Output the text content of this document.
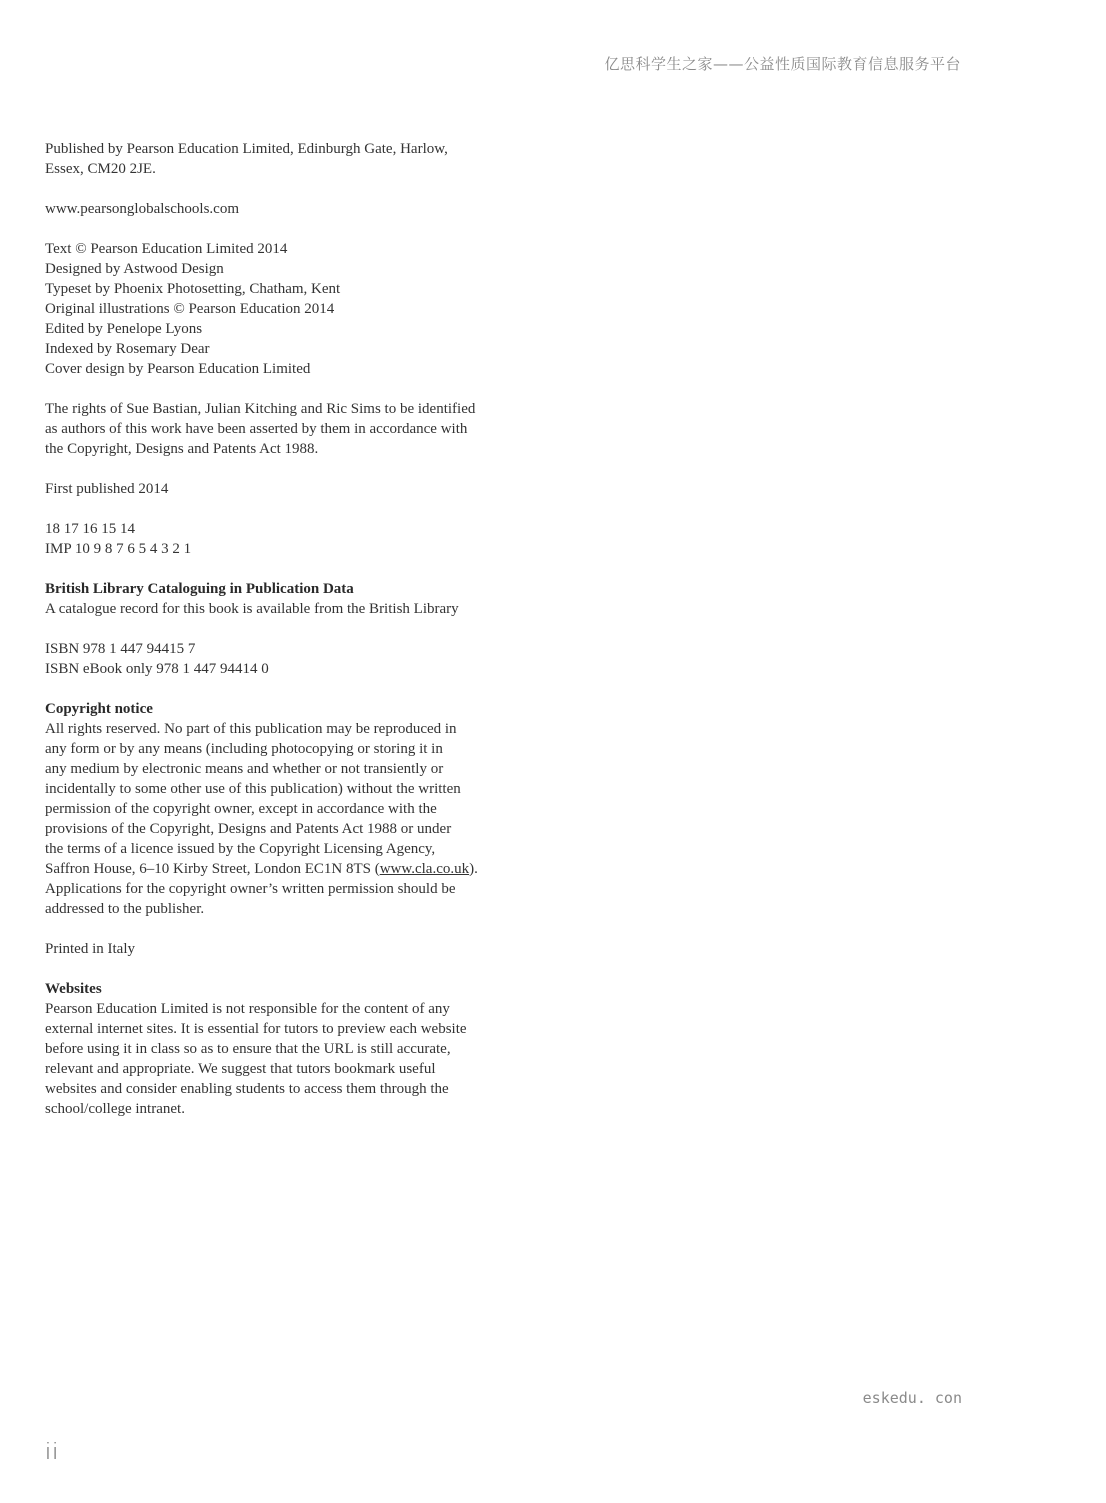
亿思科学生之家——公益性质国际教育信息服务平台
Published by Pearson Education Limited, Edinburgh Gate, Harlow,
Essex, CM20 2JE.
www.pearsonglobalschools.com
Text © Pearson Education Limited 2014
Designed by Astwood Design
Typeset by Phoenix Photosetting, Chatham, Kent
Original illustrations © Pearson Education 2014
Edited by Penelope Lyons
Indexed by Rosemary Dear
Cover design by Pearson Education Limited
The rights of Sue Bastian, Julian Kitching and Ric Sims to be identified
as authors of this work have been asserted by them in accordance with
the Copyright, Designs and Patents Act 1988.
First published 2014
18 17 16 15 14
IMP 10 9 8 7 6 5 4 3 2 1
British Library Cataloguing in Publication Data
A catalogue record for this book is available from the British Library
ISBN 978 1 447 94415 7
ISBN eBook only 978 1 447 94414 0
Copyright notice
All rights reserved. No part of this publication may be reproduced in
any form or by any means (including photocopying or storing it in
any medium by electronic means and whether or not transiently or
incidentally to some other use of this publication) without the written
permission of the copyright owner, except in accordance with the
provisions of the Copyright, Designs and Patents Act 1988 or under
the terms of a licence issued by the Copyright Licensing Agency,
Saffron House, 6–10 Kirby Street, London EC1N 8TS (www.cla.co.uk).
Applications for the copyright owner’s written permission should be
addressed to the publisher.
Printed in Italy
Websites
Pearson Education Limited is not responsible for the content of any
external internet sites. It is essential for tutors to preview each website
before using it in class so as to ensure that the URL is still accurate,
relevant and appropriate. We suggest that tutors bookmark useful
websites and consider enabling students to access them through the
school/college intranet.
eskedu. con
ii
